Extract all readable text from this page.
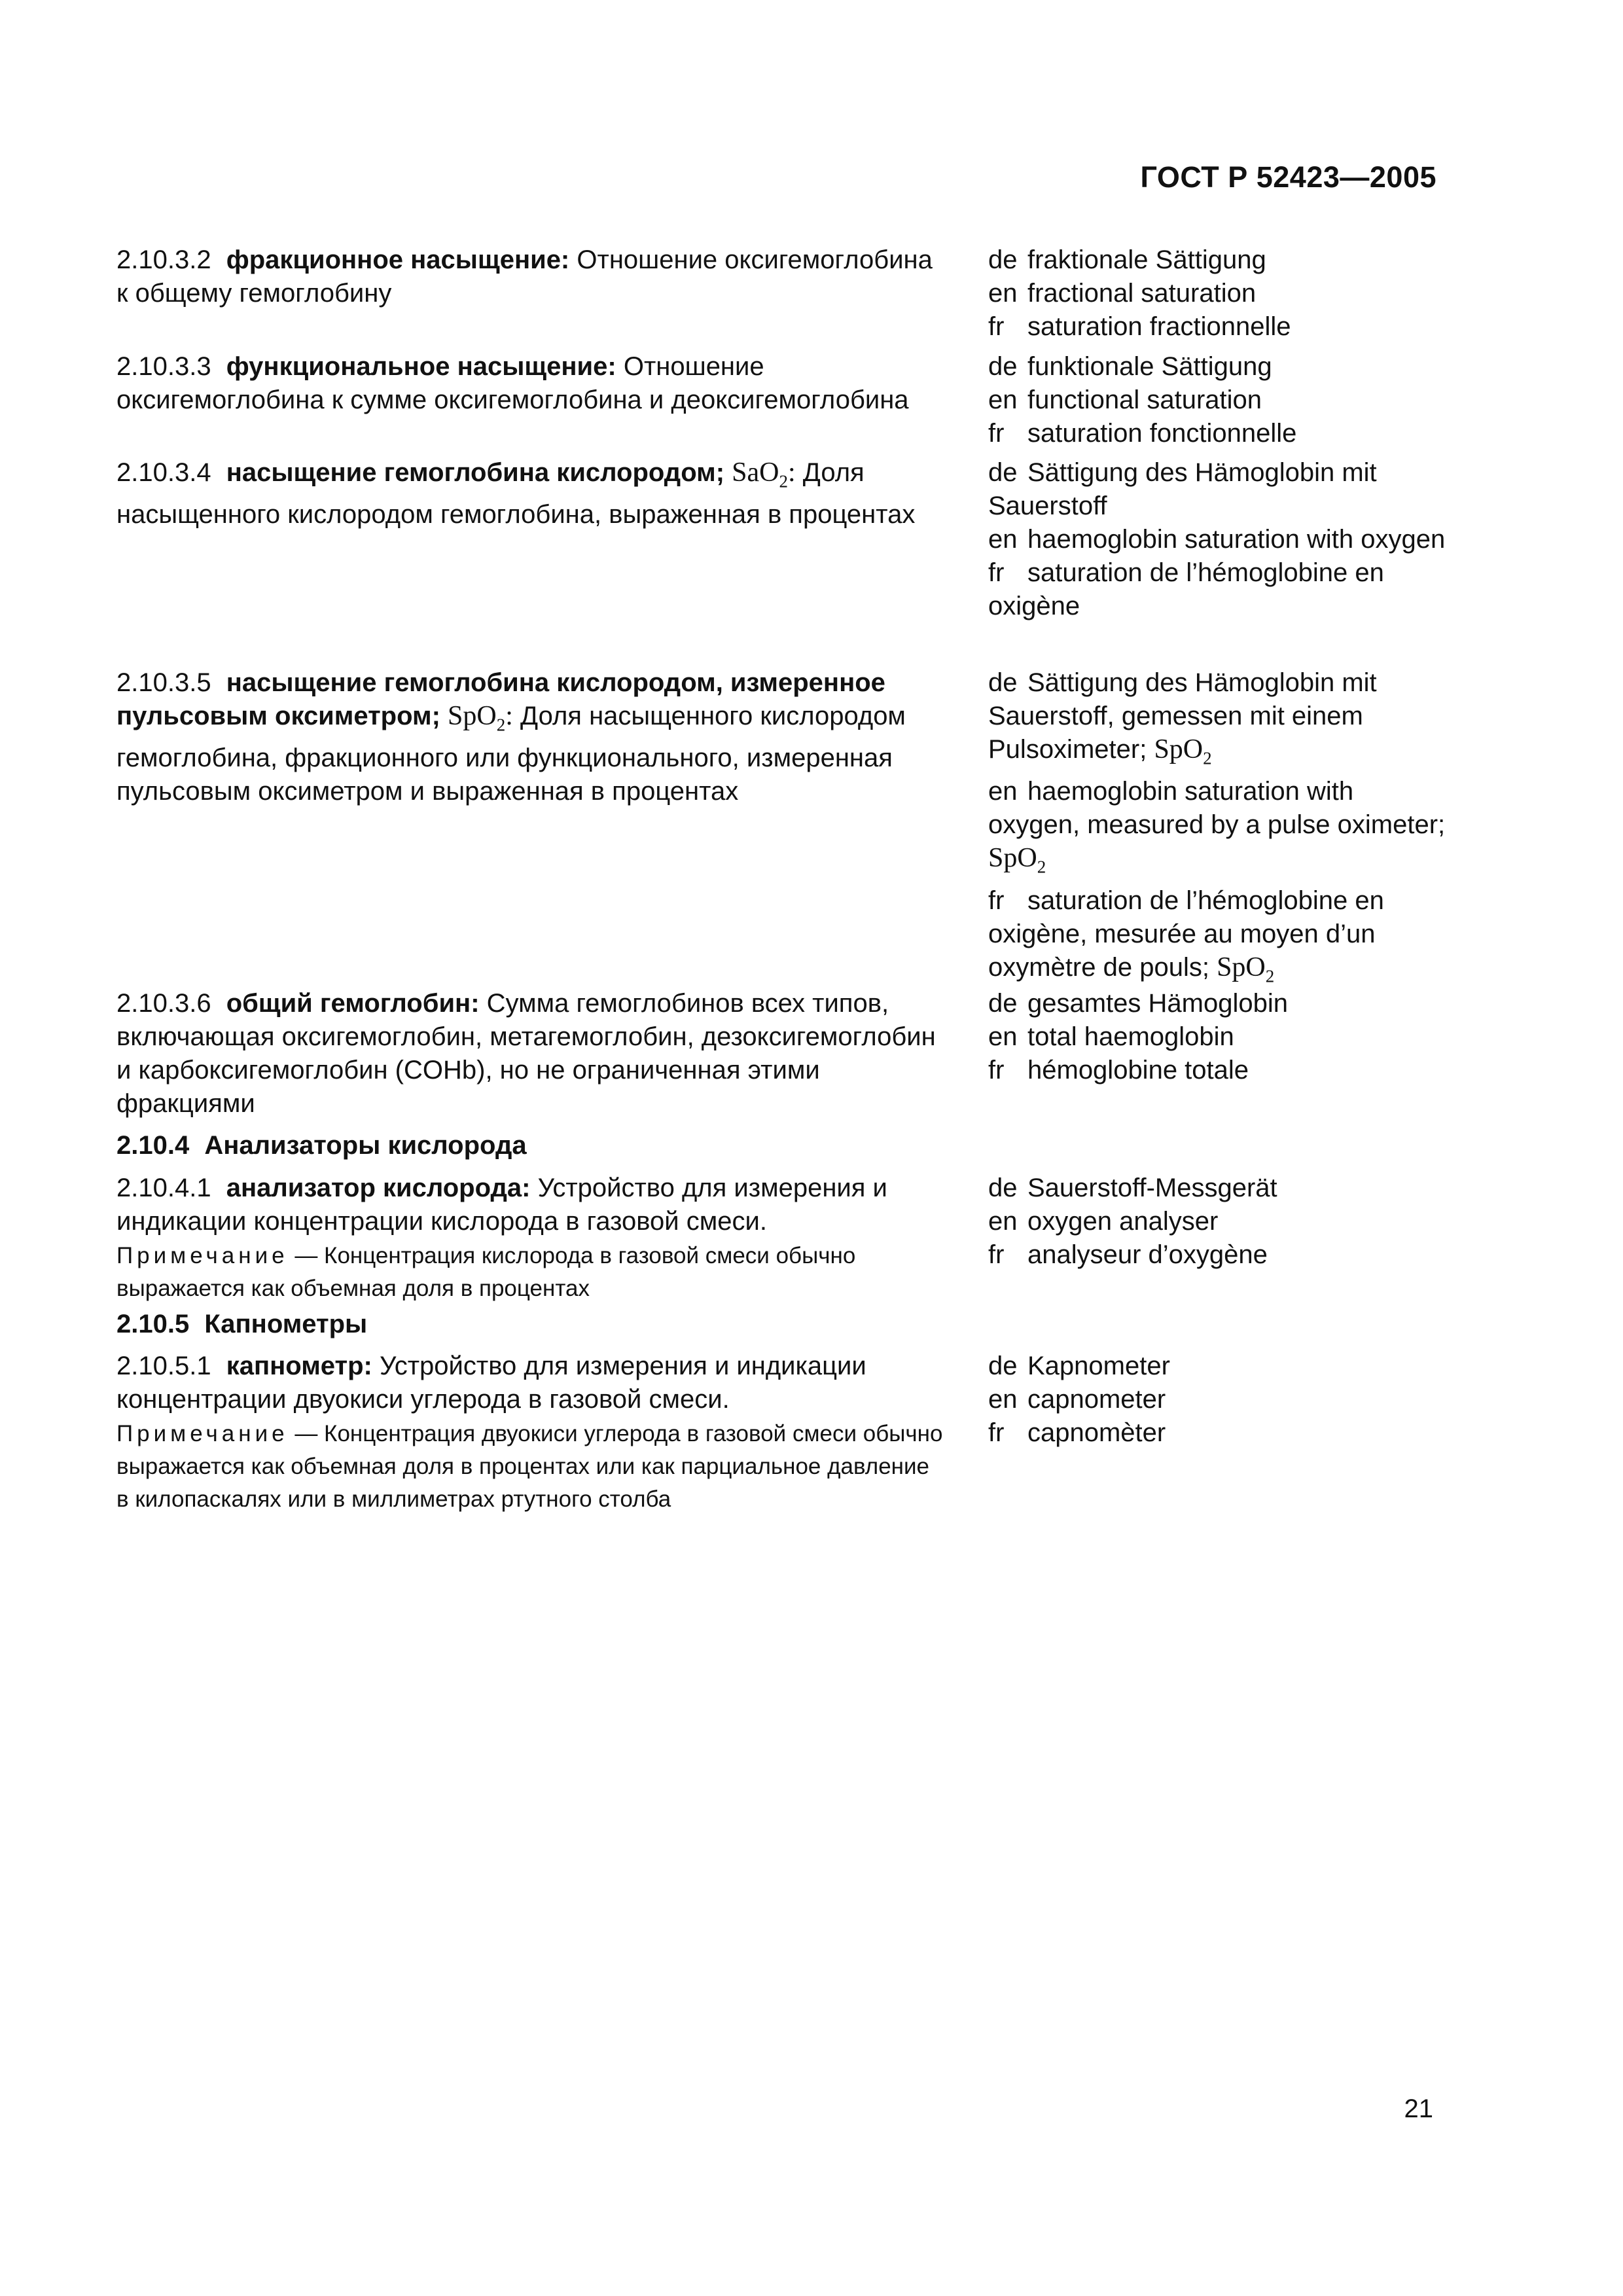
ГОСТ Р 52423—2005
2.10.3.2 фракционное насыщение: Отношение оксигемоглобина к общему гемоглобину
de fraktionale Sättigung
en fractional saturation
fr saturation fractionnelle
2.10.3.3 функциональное насыщение: Отношение оксигемоглобина к сумме оксигемоглобина и деоксигемоглобина
de funktionale Sättigung
en functional saturation
fr saturation fonctionnelle
2.10.3.4 насыщение гемоглобина кислородом; SaO$_2$: Доля насыщенного кислородом гемоглобина, выраженная в процентах
de Sättigung des Hämoglobin mit Sauerstoff
en haemoglobin saturation with oxygen
fr saturation de l’hémoglobine en oxigène
2.10.3.5 насыщение гемоглобина кислородом, измеренное пульсовым оксиметром; SpO$_2$: Доля насыщенного кислородом гемоглобина, фракционного или функционального, измеренная пульсовым оксиметром и выраженная в процентах
de Sättigung des Hämoglobin mit Sauerstoff, gemessen mit einem Pulsoximeter; SpO$_2$
en haemoglobin saturation with oxygen, measured by a pulse oximeter; SpO$_2$
fr saturation de l’hémoglobine en oxigène, mesurée au moyen d’un oxymètre de pouls; SpO$_2$
2.10.3.6 общий гемоглобин: Сумма гемоглобинов всех типов, включающая оксигемоглобин, метагемоглобин, дезоксигемоглобин и карбоксигемоглобин (COHb), но не ограниченная этими фракциями
de gesamtes Hämoglobin
en total haemoglobin
fr hémoglobine totale
2.10.4 Анализаторы кислорода
2.10.4.1 анализатор кислорода: Устройство для измерения и индикации концентрации кислорода в газовой смеси.
Примечание — Концентрация кислорода в газовой смеси обычно выражается как объемная доля в процентах
de Sauerstoff-Messgerät
en oxygen analyser
fr analyseur d’oxygène
2.10.5 Капнометры
2.10.5.1 капнометр: Устройство для измерения и индикации концентрации двуокиси углерода в газовой смеси.
Примечание — Концентрация двуокиси углерода в газовой смеси обычно выражается как объемная доля в процентах или как парциальное давление в килопаскалях или в миллиметрах ртутного столба
de Kapnometer
en capnometer
fr capnomèter
21
